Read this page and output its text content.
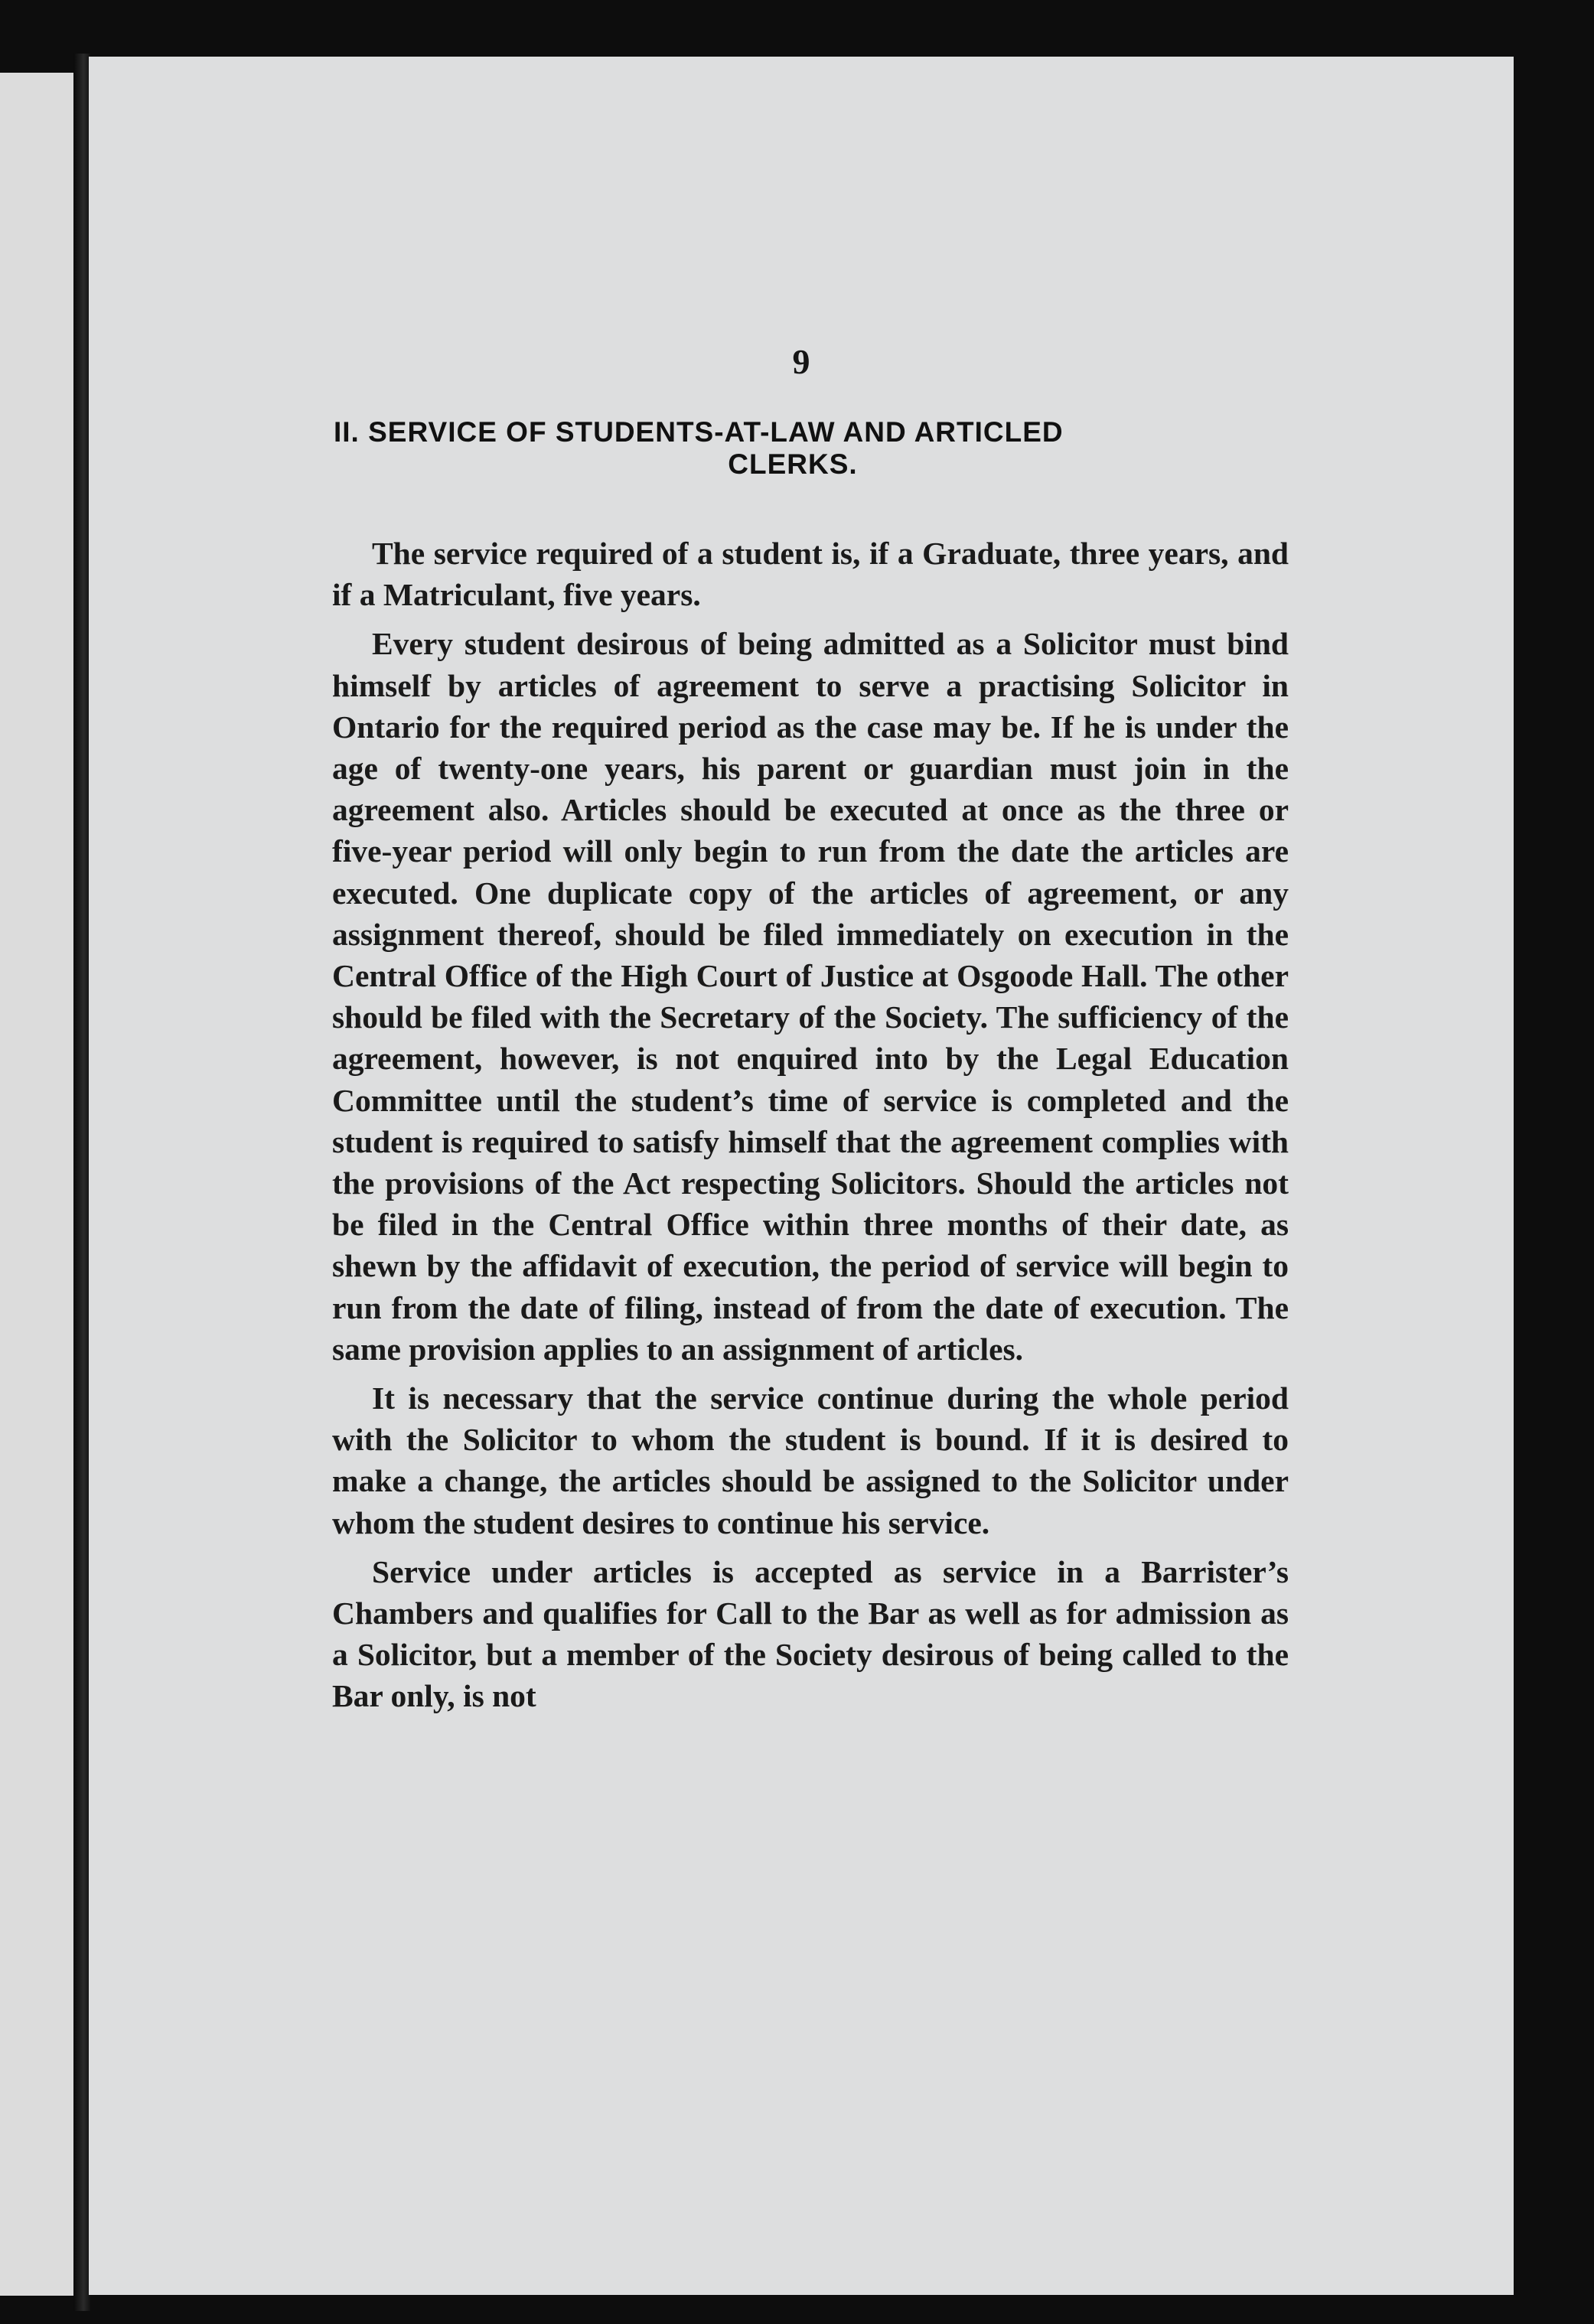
9
II. SERVICE OF STUDENTS-AT-LAW AND ARTICLED
CLERKS.

The service required of a student is, if a Graduate, three years, and if a Matriculant, five years.

Every student desirous of being admitted as a Solicitor must bind himself by articles of agreement to serve a practising Solicitor in Ontario for the required period as the case may be. If he is under the age of twenty-one years, his parent or guardian must join in the agreement also. Articles should be executed at once as the three or five-year period will only begin to run from the date the articles are executed. One duplicate copy of the articles of agreement, or any assignment thereof, should be filed immediately on execution in the Central Office of the High Court of Justice at Osgoode Hall. The other should be filed with the Secretary of the Society. The sufficiency of the agreement, however, is not enquired into by the Legal Education Committee until the student’s time of service is completed and the student is required to satisfy himself that the agreement complies with the provisions of the Act respecting Solicitors. Should the articles not be filed in the Central Office within three months of their date, as shewn by the affidavit of execution, the period of service will begin to run from the date of filing, instead of from the date of execution. The same provision applies to an assignment of articles.

It is necessary that the service continue during the whole period with the Solicitor to whom the student is bound. If it is desired to make a change, the articles should be assigned to the Solicitor under whom the student desires to continue his service.

Service under articles is accepted as service in a Barrister’s Chambers and qualifies for Call to the Bar as well as for admission as a Solicitor, but a member of the Society desirous of being called to the Bar only, is not
